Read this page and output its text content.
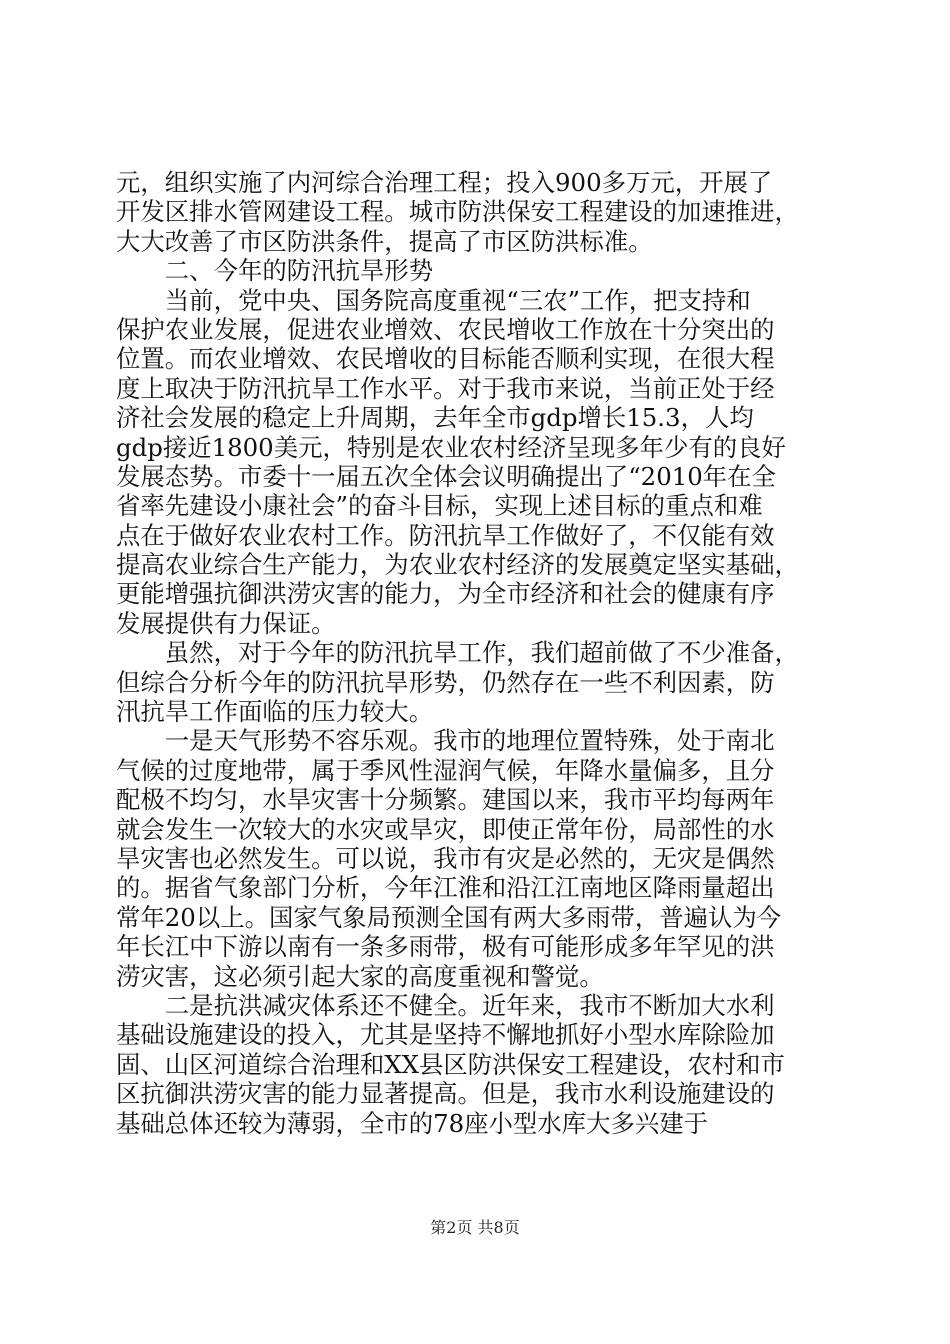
元，组织实施了内河综合治理工程；投入900多万元，开展了
开发区排水管网建设工程。城市防洪保安工程建设的加速推进，
大大改善了市区防洪条件，提高了市区防洪标准。
　　二、今年的防汛抗旱形势
　　当前，党中央、国务院高度重视“三农”工作，把支持和
保护农业发展，促进农业增效、农民增收工作放在十分突出的
位置。而农业增效、农民增收的目标能否顺利实现，在很大程
度上取决于防汛抗旱工作水平。对于我市来说，当前正处于经
济社会发展的稳定上升周期，去年全市gdp增长15.3，人均
gdp接近1800美元，特别是农业农村经济呈现多年少有的良好
发展态势。市委十一届五次全体会议明确提出了“2010年在全
省率先建设小康社会”的奋斗目标，实现上述目标的重点和难
点在于做好农业农村工作。防汛抗旱工作做好了，不仅能有效
提高农业综合生产能力，为农业农村经济的发展奠定坚实基础，
更能增强抗御洪涝灾害的能力，为全市经济和社会的健康有序
发展提供有力保证。
　　虽然，对于今年的防汛抗旱工作，我们超前做了不少准备，
但综合分析今年的防汛抗旱形势，仍然存在一些不利因素，防
汛抗旱工作面临的压力较大。
　　一是天气形势不容乐观。我市的地理位置特殊，处于南北
气候的过度地带，属于季风性湿润气候，年降水量偏多，且分
配极不均匀，水旱灾害十分频繁。建国以来，我市平均每两年
就会发生一次较大的水灾或旱灾，即使正常年份，局部性的水
旱灾害也必然发生。可以说，我市有灾是必然的，无灾是偶然
的。据省气象部门分析，今年江淮和沿江江南地区降雨量超出
常年20以上。国家气象局预测全国有两大多雨带，普遍认为今
年长江中下游以南有一条多雨带，极有可能形成多年罕见的洪
涝灾害，这必须引起大家的高度重视和警觉。
　　二是抗洪减灾体系还不健全。近年来，我市不断加大水利
基础设施建设的投入，尤其是坚持不懈地抓好小型水库除险加
固、山区河道综合治理和XX县区防洪保安工程建设，农村和市
区抗御洪涝灾害的能力显著提高。但是，我市水利设施建设的
基础总体还较为薄弱，全市的78座小型水库大多兴建于
第2页 共8页
